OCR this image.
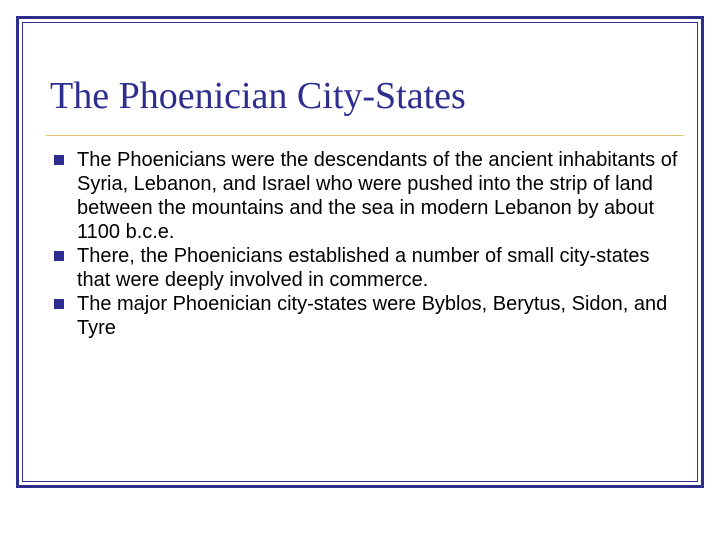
The Phoenician City-States
The Phoenicians were the descendants of the ancient inhabitants of Syria, Lebanon, and Israel who were pushed into the strip of land between the mountains and the sea in modern Lebanon by about 1100 b.c.e.
There, the Phoenicians established a number of small city-states that were deeply involved in commerce.
The major Phoenician city-states were Byblos, Berytus, Sidon, and Tyre
